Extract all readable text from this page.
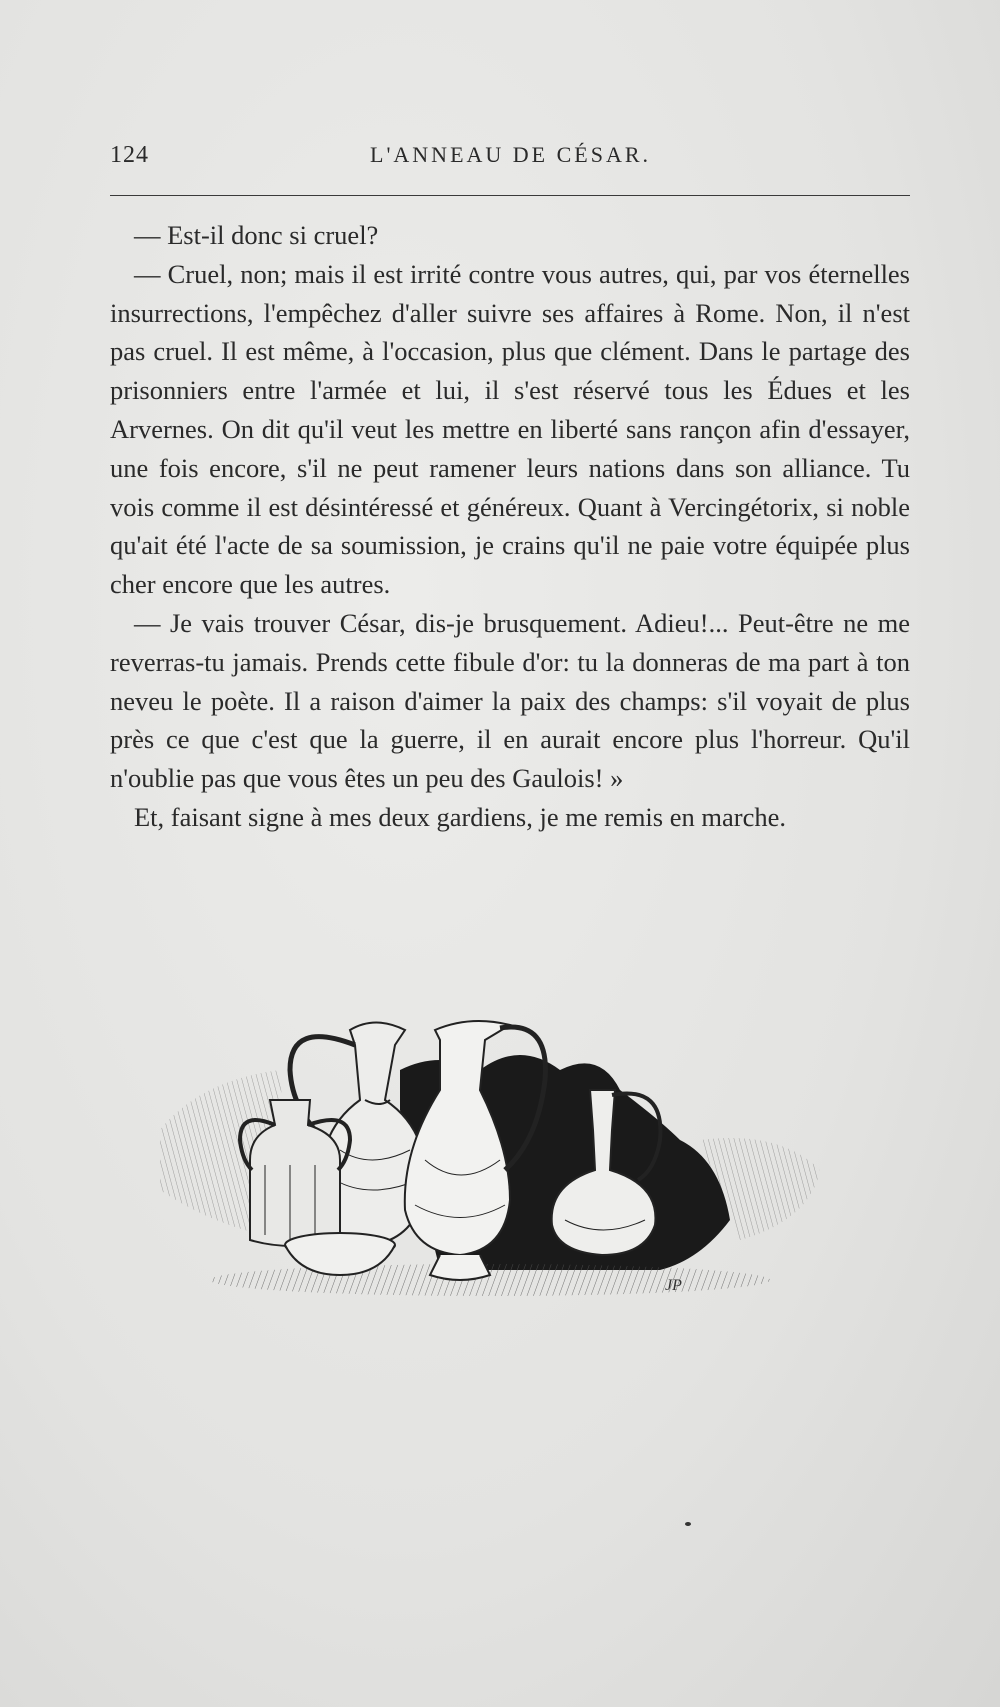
124	L'ANNEAU DE CÉSAR.

— Est-il donc si cruel?

— Cruel, non; mais il est irrité contre vous autres, qui, par vos éternelles insurrections, l'empêchez d'aller suivre ses affaires à Rome. Non, il n'est pas cruel. Il est même, à l'occasion, plus que clément. Dans le partage des prisonniers entre l'armée et lui, il s'est réservé tous les Édues et les Arvernes. On dit qu'il veut les mettre en liberté sans rançon afin d'essayer, une fois encore, s'il ne peut ramener leurs nations dans son alliance. Tu vois comme il est désintéressé et généreux. Quant à Vercingétorix, si noble qu'ait été l'acte de sa soumission, je crains qu'il ne paie votre équipée plus cher encore que les autres.

— Je vais trouver César, dis-je brusquement. Adieu!... Peut-être ne me reverras-tu jamais. Prends cette fibule d'or: tu la donneras de ma part à ton neveu le poète. Il a raison d'aimer la paix des champs: s'il voyait de plus près ce que c'est que la guerre, il en aurait encore plus l'horreur. Qu'il n'oublie pas que vous êtes un peu des Gaulois! »

Et, faisant signe à mes deux gardiens, je me remis en marche.

JP
